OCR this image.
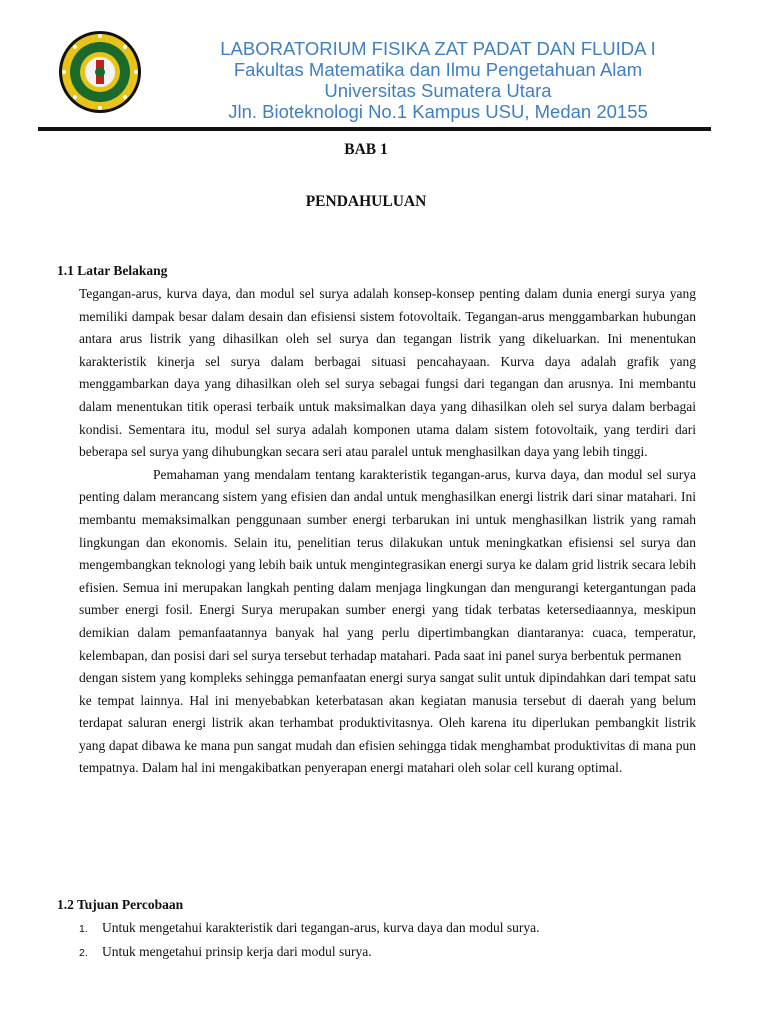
LABORATORIUM FISIKA ZAT PADAT DAN FLUIDA I
Fakultas Matematika dan Ilmu Pengetahuan Alam
Universitas Sumatera Utara
Jln. Bioteknologi No.1 Kampus USU, Medan 20155
BAB 1
PENDAHULUAN
1.1 Latar Belakang

Tegangan-arus, kurva daya, dan modul sel surya adalah konsep-konsep penting dalam dunia energi surya yang memiliki dampak besar dalam desain dan efisiensi sistem fotovoltaik. Tegangan-arus menggambarkan hubungan antara arus listrik yang dihasilkan oleh sel surya dan tegangan listrik yang dikeluarkan. Ini menentukan karakteristik kinerja sel surya dalam berbagai situasi pencahayaan. Kurva daya adalah grafik yang menggambarkan daya yang dihasilkan oleh sel surya sebagai fungsi dari tegangan dan arusnya. Ini membantu dalam menentukan titik operasi terbaik untuk maksimalkan daya yang dihasilkan oleh sel surya dalam berbagai kondisi. Sementara itu, modul sel surya adalah komponen utama dalam sistem fotovoltaik, yang terdiri dari beberapa sel surya yang dihubungkan secara seri atau paralel untuk menghasilkan daya yang lebih tinggi.

Pemahaman yang mendalam tentang karakteristik tegangan-arus, kurva daya, dan modul sel surya penting dalam merancang sistem yang efisien dan andal untuk menghasilkan energi listrik dari sinar matahari. Ini membantu memaksimalkan penggunaan sumber energi terbarukan ini untuk menghasilkan listrik yang ramah lingkungan dan ekonomis. Selain itu, penelitian terus dilakukan untuk meningkatkan efisiensi sel surya dan mengembangkan teknologi yang lebih baik untuk mengintegrasikan energi surya ke dalam grid listrik secara lebih efisien. Semua ini merupakan langkah penting dalam menjaga lingkungan dan mengurangi ketergantungan pada sumber energi fosil. Energi Surya merupakan sumber energi yang tidak terbatas ketersediaannya, meskipun demikian dalam pemanfaatannya banyak hal yang perlu dipertimbangkan diantaranya: cuaca, temperatur, kelembapan, dan posisi dari sel surya tersebut terhadap matahari. Pada saat ini panel surya berbentuk permanen

dengan sistem yang kompleks sehingga pemanfaatan energi surya sangat sulit untuk dipindahkan dari tempat satu ke tempat lainnya. Hal ini menyebabkan keterbatasan akan kegiatan manusia tersebut di daerah yang belum terdapat saluran energi listrik akan terhambat produktivitasnya. Oleh karena itu diperlukan pembangkit listrik yang dapat dibawa ke mana pun sangat mudah dan efisien sehingga tidak menghambat produktivitas di mana pun tempatnya. Dalam hal ini mengakibatkan penyerapan energi matahari oleh solar cell kurang optimal.

1.2 Tujuan Percobaan
1.	Untuk mengetahui karakteristik dari tegangan-arus, kurva daya dan modul surya.
2.	Untuk mengetahui prinsip kerja dari modul surya.
